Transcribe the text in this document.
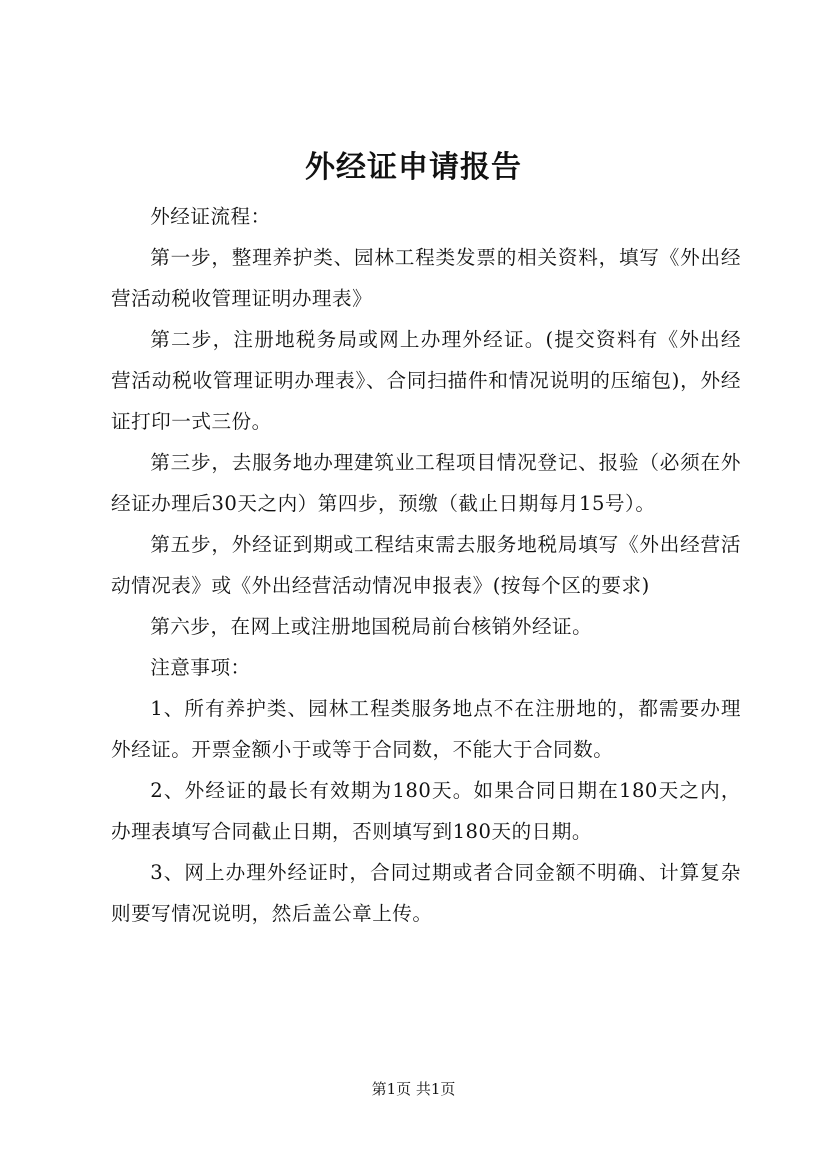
外经证申请报告

外经证流程：

第一步，整理养护类、园林工程类发票的相关资料，填写《外出经营活动税收管理证明办理表》

第二步，注册地税务局或网上办理外经证。(提交资料有《外出经营活动税收管理证明办理表》、合同扫描件和情况说明的压缩包)，外经证打印一式三份。

第三步，去服务地办理建筑业工程项目情况登记、报验（必须在外经证办理后30天之内）第四步，预缴（截止日期每月15号）。

第五步，外经证到期或工程结束需去服务地税局填写《外出经营活动情况表》或《外出经营活动情况申报表》(按每个区的要求)

第六步，在网上或注册地国税局前台核销外经证。

注意事项：

1、所有养护类、园林工程类服务地点不在注册地的，都需要办理外经证。开票金额小于或等于合同数，不能大于合同数。

2、外经证的最长有效期为180天。如果合同日期在180天之内，办理表填写合同截止日期，否则填写到180天的日期。

3、网上办理外经证时，合同过期或者合同金额不明确、计算复杂则要写情况说明，然后盖公章上传。

第1页 共1页
